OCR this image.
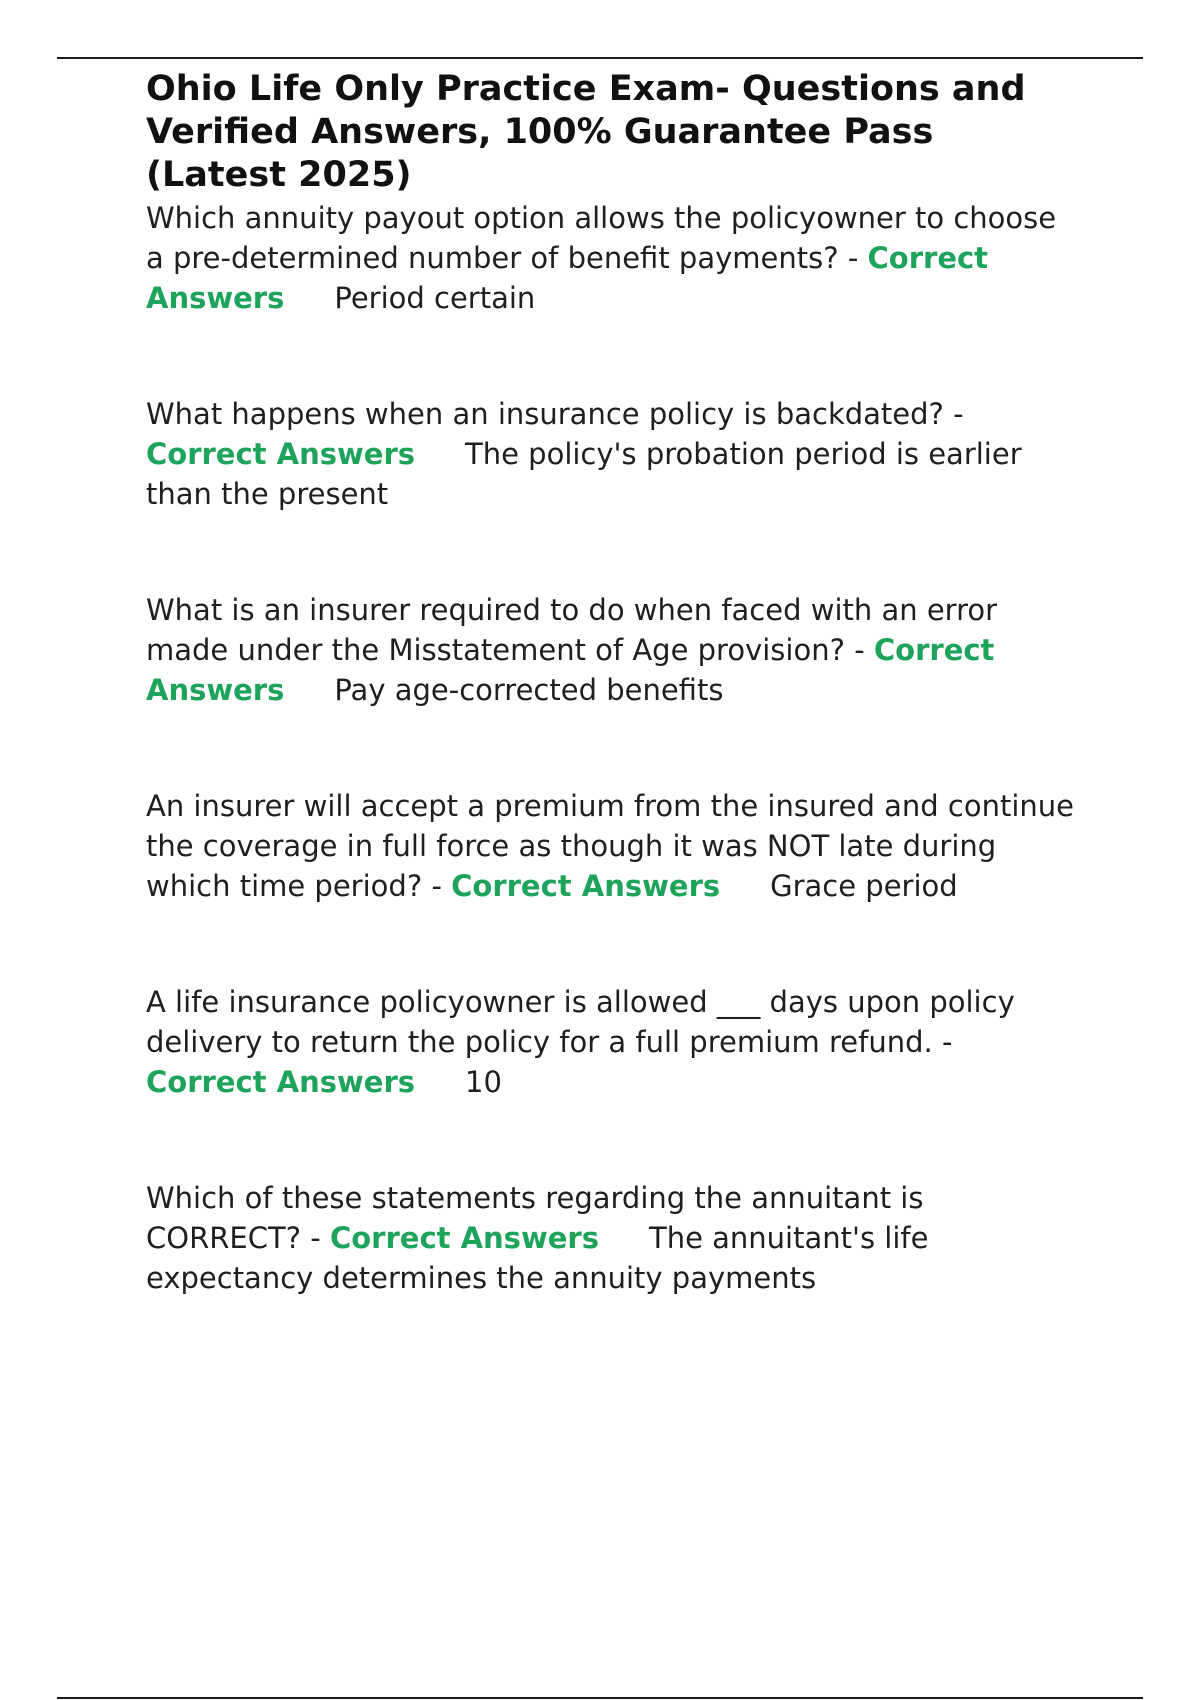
Ohio Life Only Practice Exam- Questions and Verified Answers, 100% Guarantee Pass (Latest 2025)

Which annuity payout option allows the policyowner to choose a pre-determined number of benefit payments? - Correct Answers Period certain

What happens when an insurance policy is backdated? - Correct Answers The policy's probation period is earlier than the present

What is an insurer required to do when faced with an error made under the Misstatement of Age provision? - Correct Answers Pay age-corrected benefits

An insurer will accept a premium from the insured and continue the coverage in full force as though it was NOT late during which time period? - Correct Answers Grace period

A life insurance policyowner is allowed ___ days upon policy delivery to return the policy for a full premium refund. - Correct Answers 10

Which of these statements regarding the annuitant is CORRECT? - Correct Answers The annuitant's life expectancy determines the annuity payments
